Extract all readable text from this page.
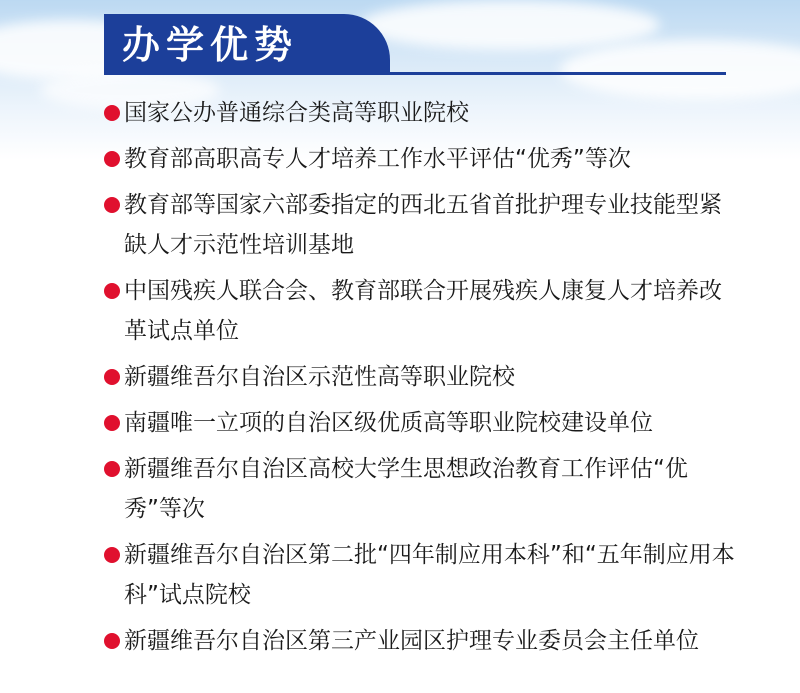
办学优势
国家公办普通综合类高等职业院校
教育部高职高专人才培养工作水平评估“优秀”等次
教育部等国家六部委指定的西北五省首批护理专业技能型紧缺人才示范性培训基地
中国残疾人联合会、教育部联合开展残疾人康复人才培养改革试点单位
新疆维吾尔自治区示范性高等职业院校
南疆唯一立项的自治区级优质高等职业院校建设单位
新疆维吾尔自治区高校大学生思想政治教育工作评估“优秀”等次
新疆维吾尔自治区第二批“四年制应用本科”和“五年制应用本科”试点院校
新疆维吾尔自治区第三产业园区护理专业委员会主任单位
